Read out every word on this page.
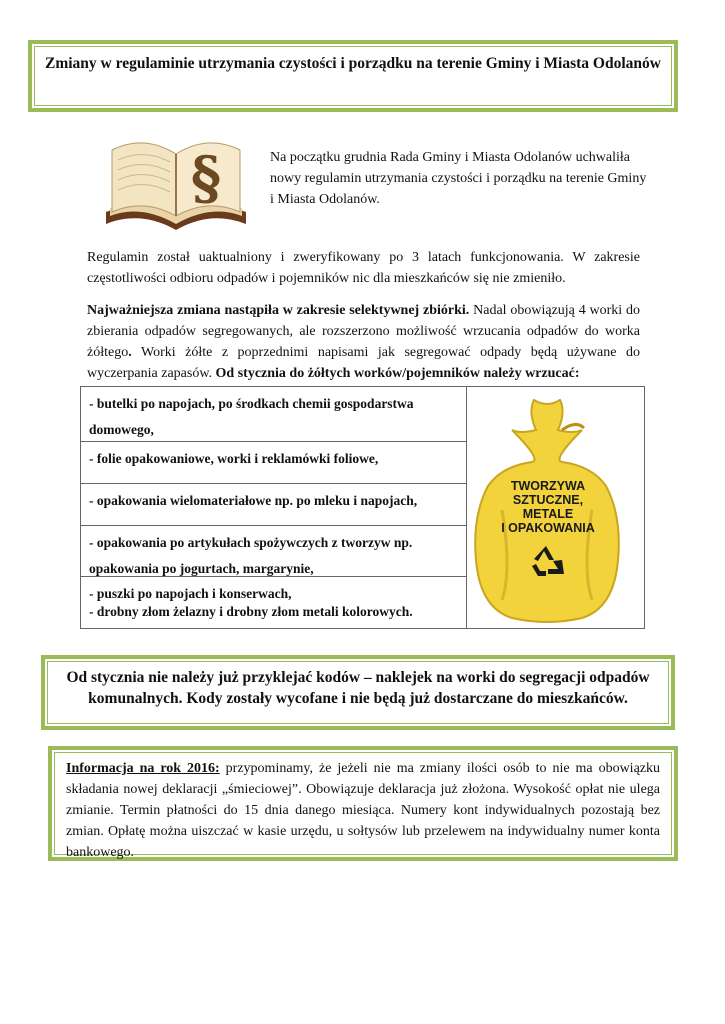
Zmiany w regulaminie utrzymania czystości i porządku na terenie Gminy i Miasta Odolanów
§	Na początku grudnia Rada Gminy i Miasta Odolanów uchwaliła nowy regulamin utrzymania czystości i porządku na terenie Gminy i Miasta Odolanów.
Regulamin został uaktualniony i zweryfikowany po 3 latach funkcjonowania. W zakresie częstotliwości odbioru odpadów i pojemników nic dla mieszkańców się nie zmieniło.
Najważniejsza zmiana nastąpiła w zakresie selektywnej zbiórki. Nadal obowiązują 4 worki do zbierania odpadów segregowanych, ale rozszerzono możliwość wrzucania odpadów do worka żółtego. Worki żółte z poprzednimi napisami jak segregować odpady będą używane do wyczerpania zapasów. Od stycznia do żółtych worków/pojemników należy wrzucać:
- butelki po napojach, po środkach chemii gospodarstwa domowego,
- folie opakowaniowe, worki i reklamówki foliowe,
- opakowania wielomateriałowe np. po mleku i napojach,
- opakowania po artykułach spożywczych z tworzyw np. opakowania po jogurtach, margarynie,
- puszki po napojach i konserwach,
- drobny złom żelazny i drobny złom metali kolorowych.
TWORZYWA
SZTUCZNE,
METALE
I OPAKOWANIA
Od stycznia nie należy już przyklejać kodów – naklejek na worki do segregacji odpadów komunalnych. Kody zostały wycofane i nie będą już dostarczane do mieszkańców.
Informacja na rok 2016: przypominamy, że jeżeli nie ma zmiany ilości osób to nie ma obowiązku składania nowej deklaracji „śmieciowej”. Obowiązuje deklaracja już złożona. Wysokość opłat nie ulega zmianie. Termin płatności do 15 dnia danego miesiąca. Numery kont indywidualnych pozostają bez zmian. Opłatę można uiszczać w kasie urzędu, u sołtysów lub przelewem na indywidualny numer konta bankowego.
